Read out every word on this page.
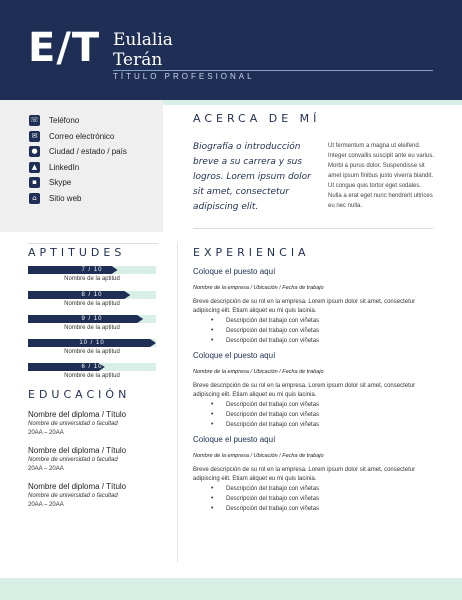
E/T Eulalia
Terán
TÍTULO PROFESIONAL
☏ Teléfono
✉	Correo electrónico
●	Ciudad / estado / país
▲	LinkedIn
▪	Skype
⌂	Sitio web
ACERCA DE MÍ
Biografía o introducción breve a su carrera y sus logros. Lorem ipsum dolor sit amet, consectetur adipiscing elit.
Ut fermentum a magna ut eleifend. Integer convallis suscipit ante eu varius. Morbi a purus dolor. Suspendisse sit amet ipsum finibus justo viverra blandit. Ut congue quis tortor eget sodales. Nulla a erat eget nunc hendrerit ultrices eu nec nulla.
APTITUDES
7 / 10
Nombre de la aptitud
8 / 10
Nombre de la aptitud
9 / 10
Nombre de la aptitud
10 / 10
Nombre de la aptitud
6 / 10
Nombre de la aptitud
EDUCACIÓN
Nombre del diploma / Título
Nombre de universidad o facultad
20AA – 20AA
Nombre del diploma / Título
Nombre de universidad o facultad
20AA – 20AA
Nombre del diploma / Título
Nombre de universidad o facultad
20AA – 20AA
EXPERIENCIA
Coloque el puesto aquí
Nombre de la empresa / Ubicación / Fecha de trabajo
Breve descripción de su rol en la empresa. Lorem ipsum dolor sit amet, consectetur adipiscing elit. Etiam aliquet eu mi quis lacinia.
• Descripción del trabajo con viñetas
• Descripción del trabajo con viñetas
• Descripción del trabajo con viñetas
Coloque el puesto aquí
Nombre de la empresa / Ubicación / Fecha de trabajo
Breve descripción de su rol en la empresa. Lorem ipsum dolor sit amet, consectetur adipiscing elit. Etiam aliquet eu mi quis lacinia.
• Descripción del trabajo con viñetas
• Descripción del trabajo con viñetas
• Descripción del trabajo con viñetas
Coloque el puesto aquí
Nombre de la empresa / Ubicación / Fecha de trabajo
Breve descripción de su rol en la empresa. Lorem ipsum dolor sit amet, consectetur adipiscing elit. Etiam aliquet eu mi quis lacinia.
• Descripción del trabajo con viñetas
• Descripción del trabajo con viñetas
• Descripción del trabajo con viñetas
